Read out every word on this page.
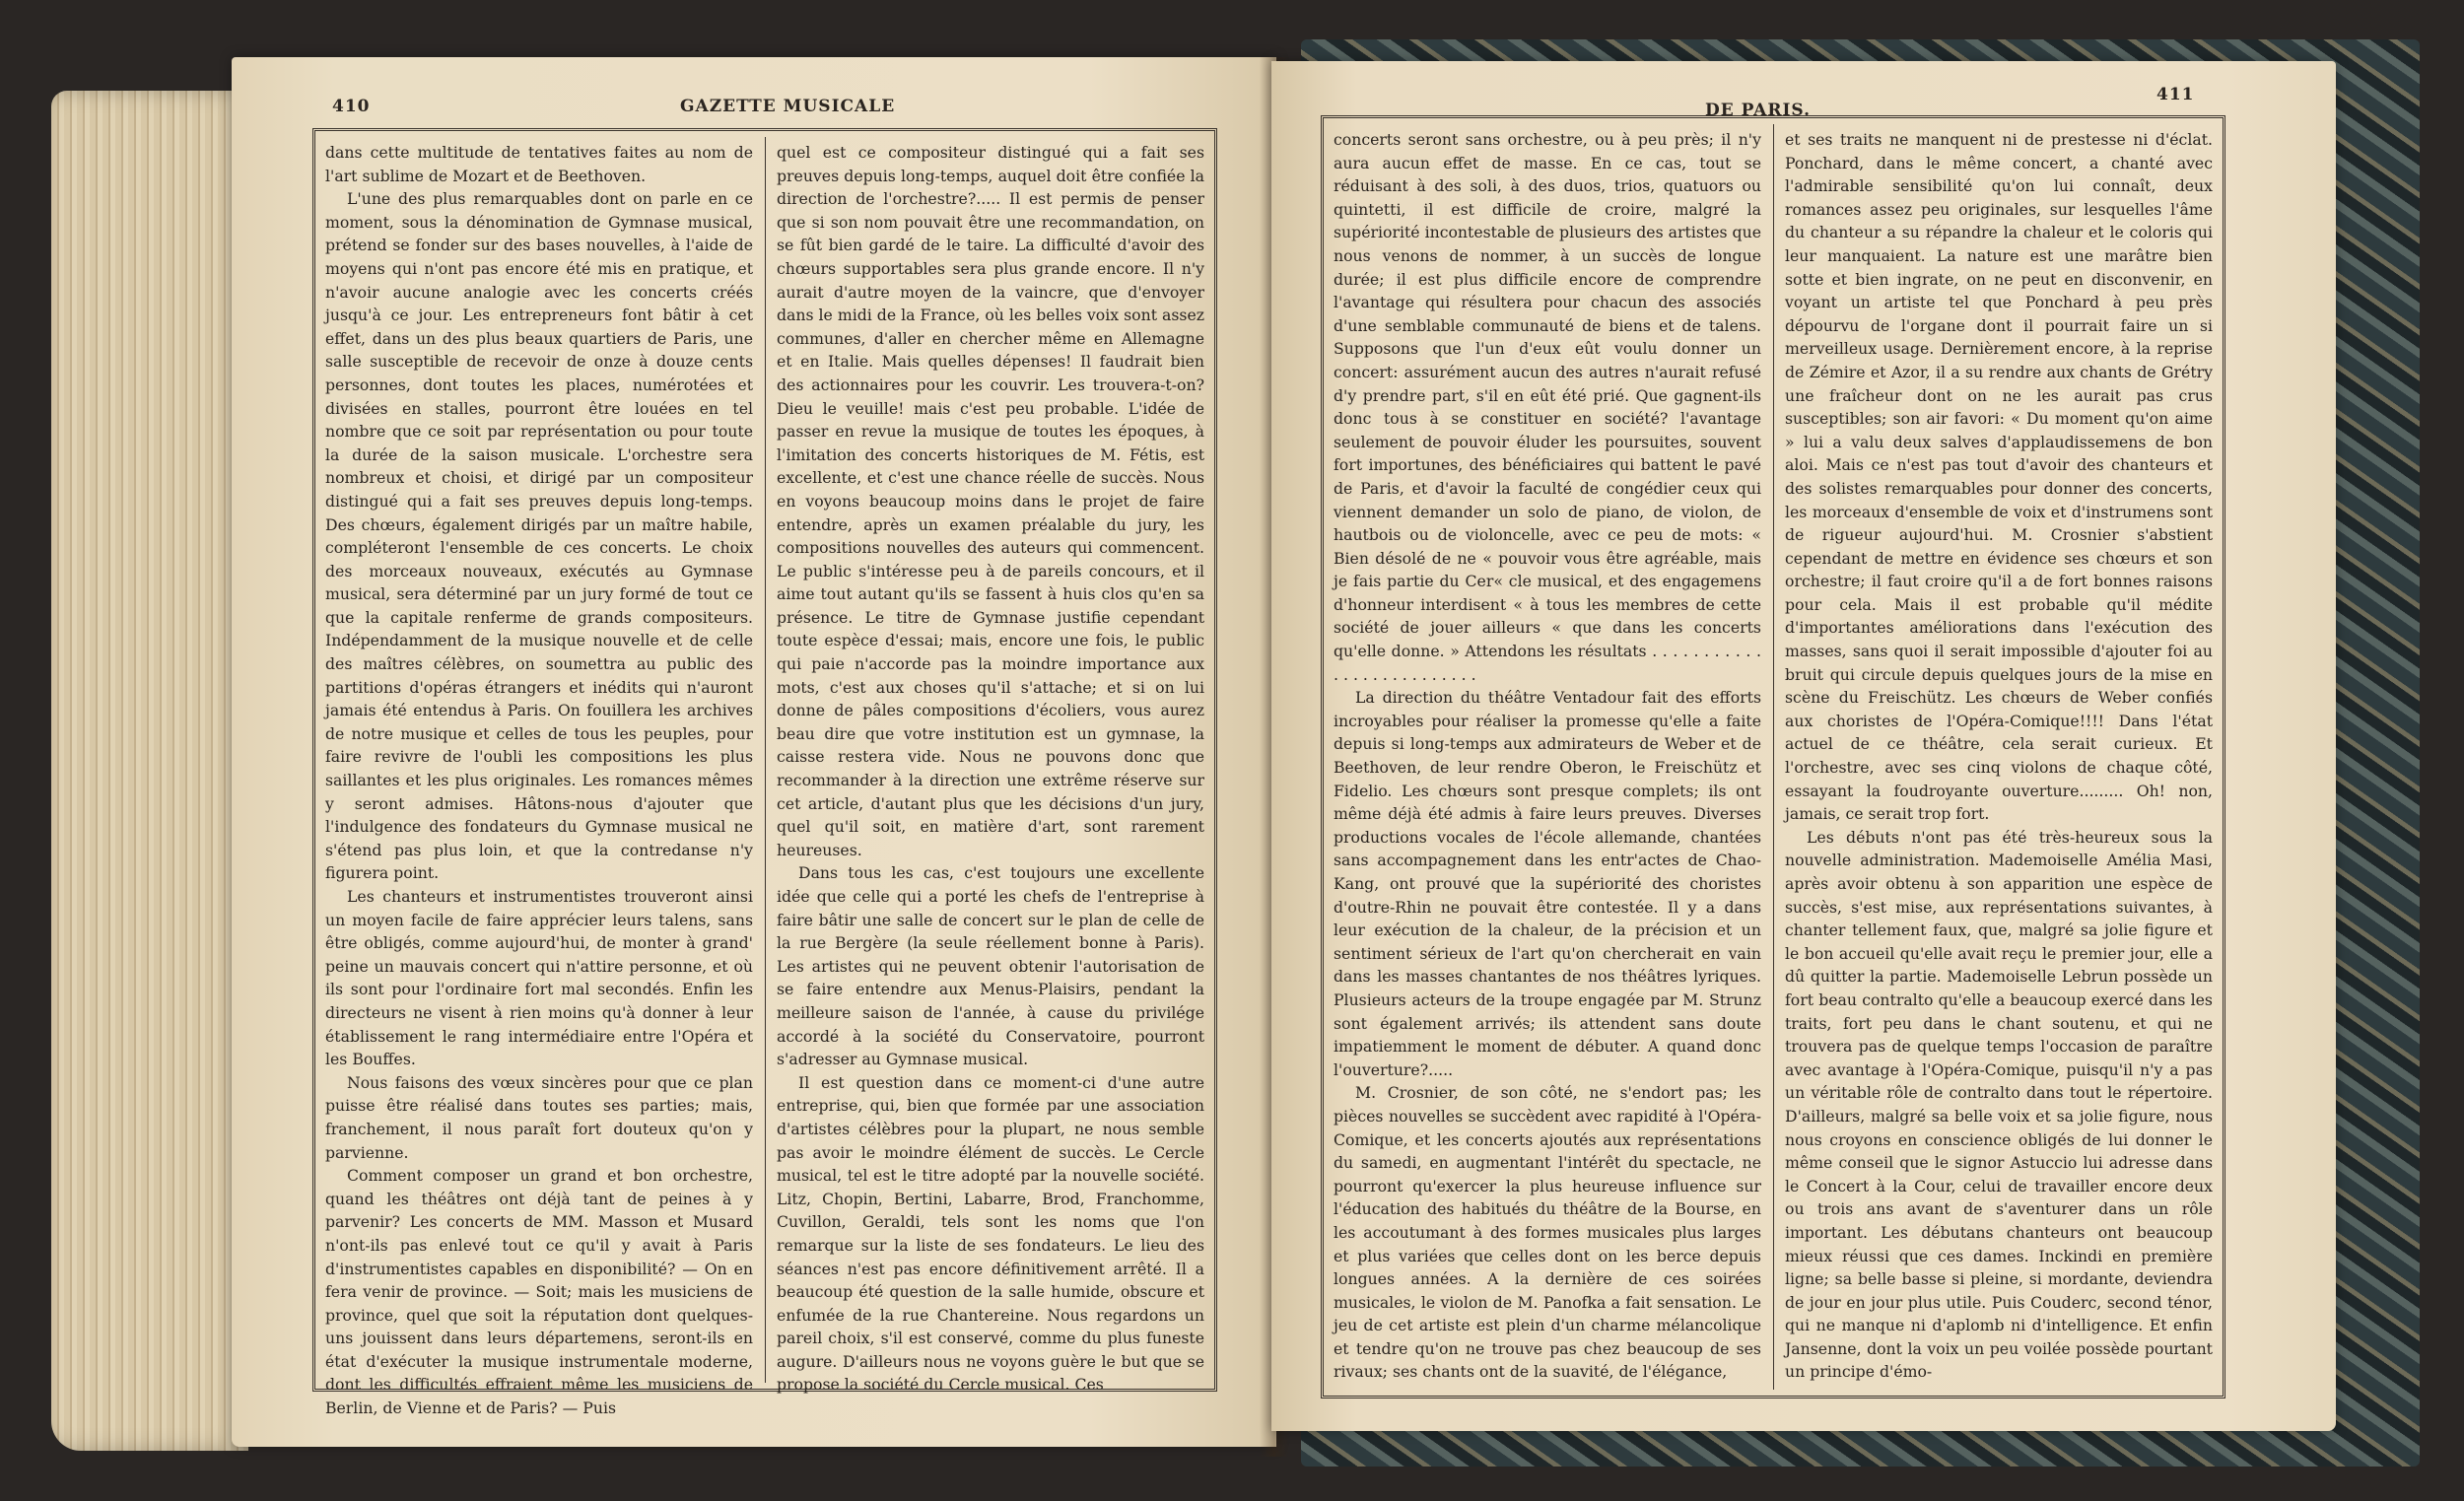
410	GAZETTE MUSICALE

dans cette multitude de tentatives faites au nom de l'art sublime de Mozart et de Beethoven.

L'une des plus remarquables dont on parle en ce moment, sous la dénomination de Gymnase musical, prétend se fonder sur des bases nouvelles, à l'aide de moyens qui n'ont pas encore été mis en pratique, et n'avoir aucune analogie avec les concerts créés jusqu'à ce jour. Les entrepreneurs font bâtir à cet effet, dans un des plus beaux quartiers de Paris, une salle susceptible de recevoir de onze à douze cents personnes, dont toutes les places, numérotées et divisées en stalles, pourront être louées en tel nombre que ce soit par représentation ou pour toute la durée de la saison musicale. L'orchestre sera nombreux et choisi, et dirigé par un compositeur distingué qui a fait ses preuves depuis long-temps. Des chœurs, également dirigés par un maître habile, compléteront l'ensemble de ces concerts. Le choix des morceaux nouveaux, exécutés au Gymnase musical, sera déterminé par un jury formé de tout ce que la capitale renferme de grands compositeurs. Indépendamment de la musique nouvelle et de celle des maîtres célèbres, on soumettra au public des partitions d'opéras étrangers et inédits qui n'auront jamais été entendus à Paris. On fouillera les archives de notre musique et celles de tous les peuples, pour faire revivre de l'oubli les compositions les plus saillantes et les plus originales. Les romances mêmes y seront admises. Hâtons-nous d'ajouter que l'indulgence des fondateurs du Gymnase musical ne s'étend pas plus loin, et que la contredanse n'y figurera point.

Les chanteurs et instrumentistes trouveront ainsi un moyen facile de faire apprécier leurs talens, sans être obligés, comme aujourd'hui, de monter à grand' peine un mauvais concert qui n'attire personne, et où ils sont pour l'ordinaire fort mal secondés. Enfin les directeurs ne visent à rien moins qu'à donner à leur établissement le rang intermédiaire entre l'Opéra et les Bouffes.

Nous faisons des vœux sincères pour que ce plan puisse être réalisé dans toutes ses parties; mais, franchement, il nous paraît fort douteux qu'on y parvienne.

Comment composer un grand et bon orchestre, quand les théâtres ont déjà tant de peines à y parvenir? Les concerts de MM. Masson et Musard n'ont-ils pas enlevé tout ce qu'il y avait à Paris d'instrumentistes capables en disponibilité? — On en fera venir de province. — Soit; mais les musiciens de province, quel que soit la réputation dont quelques-uns jouissent dans leurs départemens, seront-ils en état d'exécuter la musique instrumentale moderne, dont les difficultés effraient même les musiciens de Berlin, de Vienne et de Paris? — Puis

quel est ce compositeur distingué qui a fait ses preuves depuis long-temps, auquel doit être confiée la direction de l'orchestre?..... Il est permis de penser que si son nom pouvait être une recommandation, on se fût bien gardé de le taire. La difficulté d'avoir des chœurs supportables sera plus grande encore. Il n'y aurait d'autre moyen de la vaincre, que d'envoyer dans le midi de la France, où les belles voix sont assez communes, d'aller en chercher même en Allemagne et en Italie. Mais quelles dépenses! Il faudrait bien des actionnaires pour les couvrir. Les trouvera-t-on? Dieu le veuille! mais c'est peu probable. L'idée de passer en revue la musique de toutes les époques, à l'imitation des concerts historiques de M. Fétis, est excellente, et c'est une chance réelle de succès. Nous en voyons beaucoup moins dans le projet de faire entendre, après un examen préalable du jury, les compositions nouvelles des auteurs qui commencent. Le public s'intéresse peu à de pareils concours, et il aime tout autant qu'ils se fassent à huis clos qu'en sa présence. Le titre de Gymnase justifie cependant toute espèce d'essai; mais, encore une fois, le public qui paie n'accorde pas la moindre importance aux mots, c'est aux choses qu'il s'attache; et si on lui donne de pâles compositions d'écoliers, vous aurez beau dire que votre institution est un gymnase, la caisse restera vide. Nous ne pouvons donc que recommander à la direction une extrême réserve sur cet article, d'autant plus que les décisions d'un jury, quel qu'il soit, en matière d'art, sont rarement heureuses.

Dans tous les cas, c'est toujours une excellente idée que celle qui a porté les chefs de l'entreprise à faire bâtir une salle de concert sur le plan de celle de la rue Bergère (la seule réellement bonne à Paris). Les artistes qui ne peuvent obtenir l'autorisation de se faire entendre aux Menus-Plaisirs, pendant la meilleure saison de l'année, à cause du privilége accordé à la société du Conservatoire, pourront s'adresser au Gymnase musical.

Il est question dans ce moment-ci d'une autre entreprise, qui, bien que formée par une association d'artistes célèbres pour la plupart, ne nous semble pas avoir le moindre élément de succès. Le Cercle musical, tel est le titre adopté par la nouvelle société. Litz, Chopin, Bertini, Labarre, Brod, Franchomme, Cuvillon, Geraldi, tels sont les noms que l'on remarque sur la liste de ses fondateurs. Le lieu des séances n'est pas encore définitivement arrêté. Il a beaucoup été question de la salle humide, obscure et enfumée de la rue Chantereine. Nous regardons un pareil choix, s'il est conservé, comme du plus funeste augure. D'ailleurs nous ne voyons guère le but que se propose la société du Cercle musical. Ces

DE PARIS.
411

concerts seront sans orchestre, ou à peu près; il n'y aura aucun effet de masse. En ce cas, tout se réduisant à des soli, à des duos, trios, quatuors ou quintetti, il est difficile de croire, malgré la supériorité incontestable de plusieurs des artistes que nous venons de nommer, à un succès de longue durée; il est plus difficile encore de comprendre l'avantage qui résultera pour chacun des associés d'une semblable communauté de biens et de talens. Supposons que l'un d'eux eût voulu donner un concert: assurément aucun des autres n'aurait refusé d'y prendre part, s'il en eût été prié. Que gagnent-ils donc tous à se constituer en société? l'avantage seulement de pouvoir éluder les poursuites, souvent fort importunes, des bénéficiaires qui battent le pavé de Paris, et d'avoir la faculté de congédier ceux qui viennent demander un solo de piano, de violon, de hautbois ou de violoncelle, avec ce peu de mots: « Bien désolé de ne « pouvoir vous être agréable, mais je fais partie du Cer« cle musical, et des engagemens d'honneur interdisent « à tous les membres de cette société de jouer ailleurs « que dans les concerts qu'elle donne. » Attendons les résultats . . . . . . . . . . . . . . . . . . . . . . . . . .

La direction du théâtre Ventadour fait des efforts incroyables pour réaliser la promesse qu'elle a faite depuis si long-temps aux admirateurs de Weber et de Beethoven, de leur rendre Oberon, le Freischütz et Fidelio. Les chœurs sont presque complets; ils ont même déjà été admis à faire leurs preuves. Diverses productions vocales de l'école allemande, chantées sans accompagnement dans les entr'actes de Chao-Kang, ont prouvé que la supériorité des choristes d'outre-Rhin ne pouvait être contestée. Il y a dans leur exécution de la chaleur, de la précision et un sentiment sérieux de l'art qu'on chercherait en vain dans les masses chantantes de nos théâtres lyriques. Plusieurs acteurs de la troupe engagée par M. Strunz sont également arrivés; ils attendent sans doute impatiemment le moment de débuter. A quand donc l'ouverture?.....

M. Crosnier, de son côté, ne s'endort pas; les pièces nouvelles se succèdent avec rapidité à l'Opéra-Comique, et les concerts ajoutés aux représentations du samedi, en augmentant l'intérêt du spectacle, ne pourront qu'exercer la plus heureuse influence sur l'éducation des habitués du théâtre de la Bourse, en les accoutumant à des formes musicales plus larges et plus variées que celles dont on les berce depuis longues années. A la dernière de ces soirées musicales, le violon de M. Panofka a fait sensation. Le jeu de cet artiste est plein d'un charme mélancolique et tendre qu'on ne trouve pas chez beaucoup de ses rivaux; ses chants ont de la suavité, de l'élégance,

et ses traits ne manquent ni de prestesse ni d'éclat. Ponchard, dans le même concert, a chanté avec l'admirable sensibilité qu'on lui connaît, deux romances assez peu originales, sur lesquelles l'âme du chanteur a su répandre la chaleur et le coloris qui leur manquaient. La nature est une marâtre bien sotte et bien ingrate, on ne peut en disconvenir, en voyant un artiste tel que Ponchard à peu près dépourvu de l'organe dont il pourrait faire un si merveilleux usage. Dernièrement encore, à la reprise de Zémire et Azor, il a su rendre aux chants de Grétry une fraîcheur dont on ne les aurait pas crus susceptibles; son air favori: « Du moment qu'on aime » lui a valu deux salves d'applaudissemens de bon aloi. Mais ce n'est pas tout d'avoir des chanteurs et des solistes remarquables pour donner des concerts, les morceaux d'ensemble de voix et d'instrumens sont de rigueur aujourd'hui. M. Crosnier s'abstient cependant de mettre en évidence ses chœurs et son orchestre; il faut croire qu'il a de fort bonnes raisons pour cela. Mais il est probable qu'il médite d'importantes améliorations dans l'exécution des masses, sans quoi il serait impossible d'ajouter foi au bruit qui circule depuis quelques jours de la mise en scène du Freischütz. Les chœurs de Weber confiés aux choristes de l'Opéra-Comique!!!! Dans l'état actuel de ce théâtre, cela serait curieux. Et l'orchestre, avec ses cinq violons de chaque côté, essayant la foudroyante ouverture......... Oh! non, jamais, ce serait trop fort.

Les débuts n'ont pas été très-heureux sous la nouvelle administration. Mademoiselle Amélia Masi, après avoir obtenu à son apparition une espèce de succès, s'est mise, aux représentations suivantes, à chanter tellement faux, que, malgré sa jolie figure et le bon accueil qu'elle avait reçu le premier jour, elle a dû quitter la partie. Mademoiselle Lebrun possède un fort beau contralto qu'elle a beaucoup exercé dans les traits, fort peu dans le chant soutenu, et qui ne trouvera pas de quelque temps l'occasion de paraître avec avantage à l'Opéra-Comique, puisqu'il n'y a pas un véritable rôle de contralto dans tout le répertoire. D'ailleurs, malgré sa belle voix et sa jolie figure, nous nous croyons en conscience obligés de lui donner le même conseil que le signor Astuccio lui adresse dans le Concert à la Cour, celui de travailler encore deux ou trois ans avant de s'aventurer dans un rôle important. Les débutans chanteurs ont beaucoup mieux réussi que ces dames. Inckindi en première ligne; sa belle basse si pleine, si mordante, deviendra de jour en jour plus utile. Puis Couderc, second ténor, qui ne manque ni d'aplomb ni d'intelligence. Et enfin Jansenne, dont la voix un peu voilée possède pourtant un principe d'émo-
